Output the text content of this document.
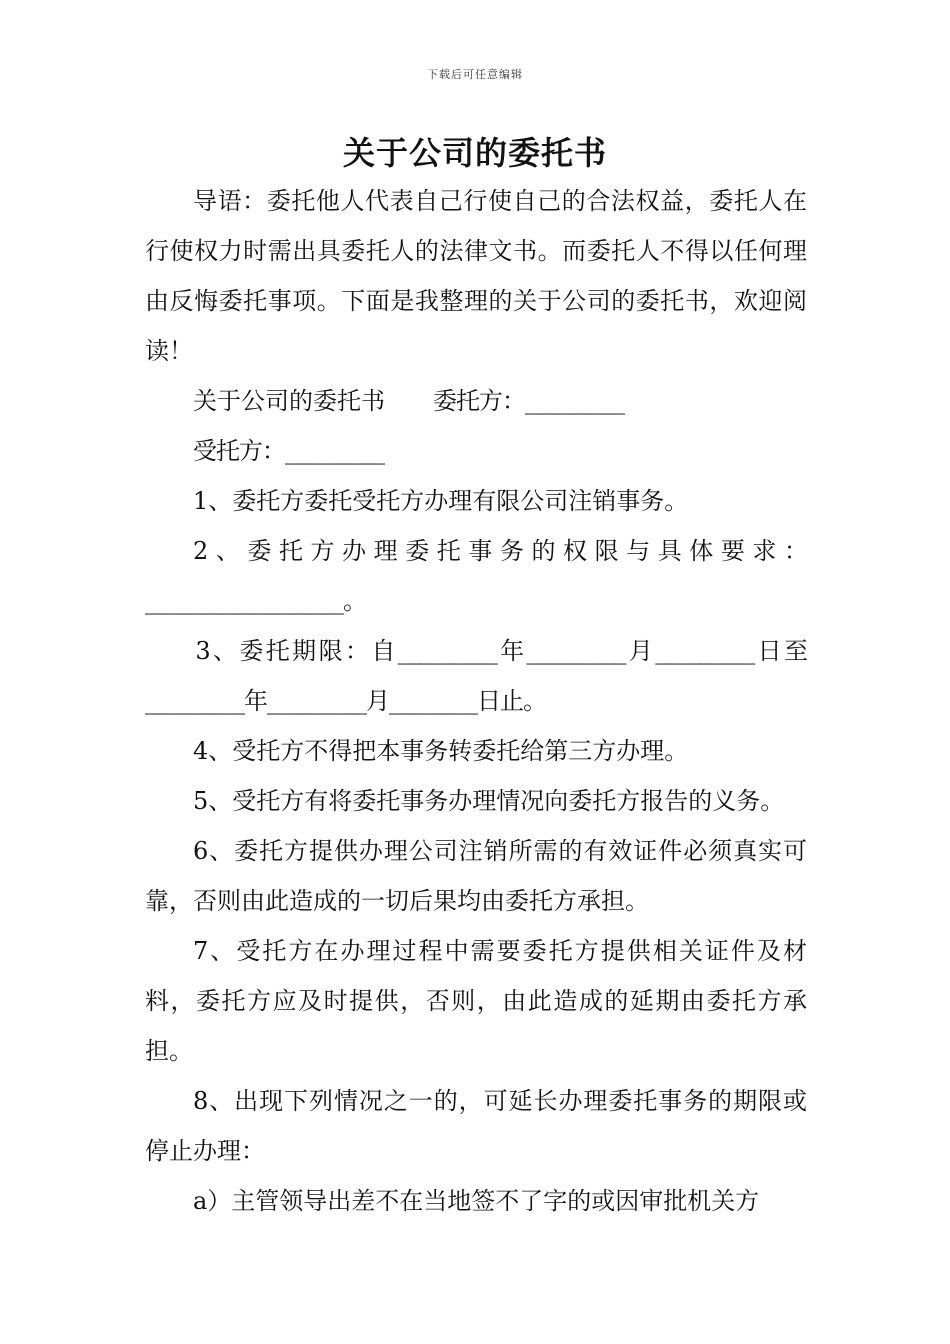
下载后可任意编辑
关于公司的委托书

导语：委托他人代表自己行使自己的合法权益，委托人在行使权力时需出具委托人的法律文书。而委托人不得以任何理由反悔委托事项。下面是我整理的关于公司的委托书，欢迎阅读！

关于公司的委托书 委托方：_________

受托方：_________

1、委托方委托受托方办理有限公司注销事务。

2、委托方办理委托事务的权限与具体要求：__________________。

3、委托期限：自_________年_________月_________日至_________年_________月________日止。

4、受托方不得把本事务转委托给第三方办理。

5、受托方有将委托事务办理情况向委托方报告的义务。

6、委托方提供办理公司注销所需的有效证件必须真实可靠，否则由此造成的一切后果均由委托方承担。

7、受托方在办理过程中需要委托方提供相关证件及材料，委托方应及时提供，否则，由此造成的延期由委托方承担。

8、出现下列情况之一的，可延长办理委托事务的期限或停止办理：

a）主管领导出差不在当地签不了字的或因审批机关方
